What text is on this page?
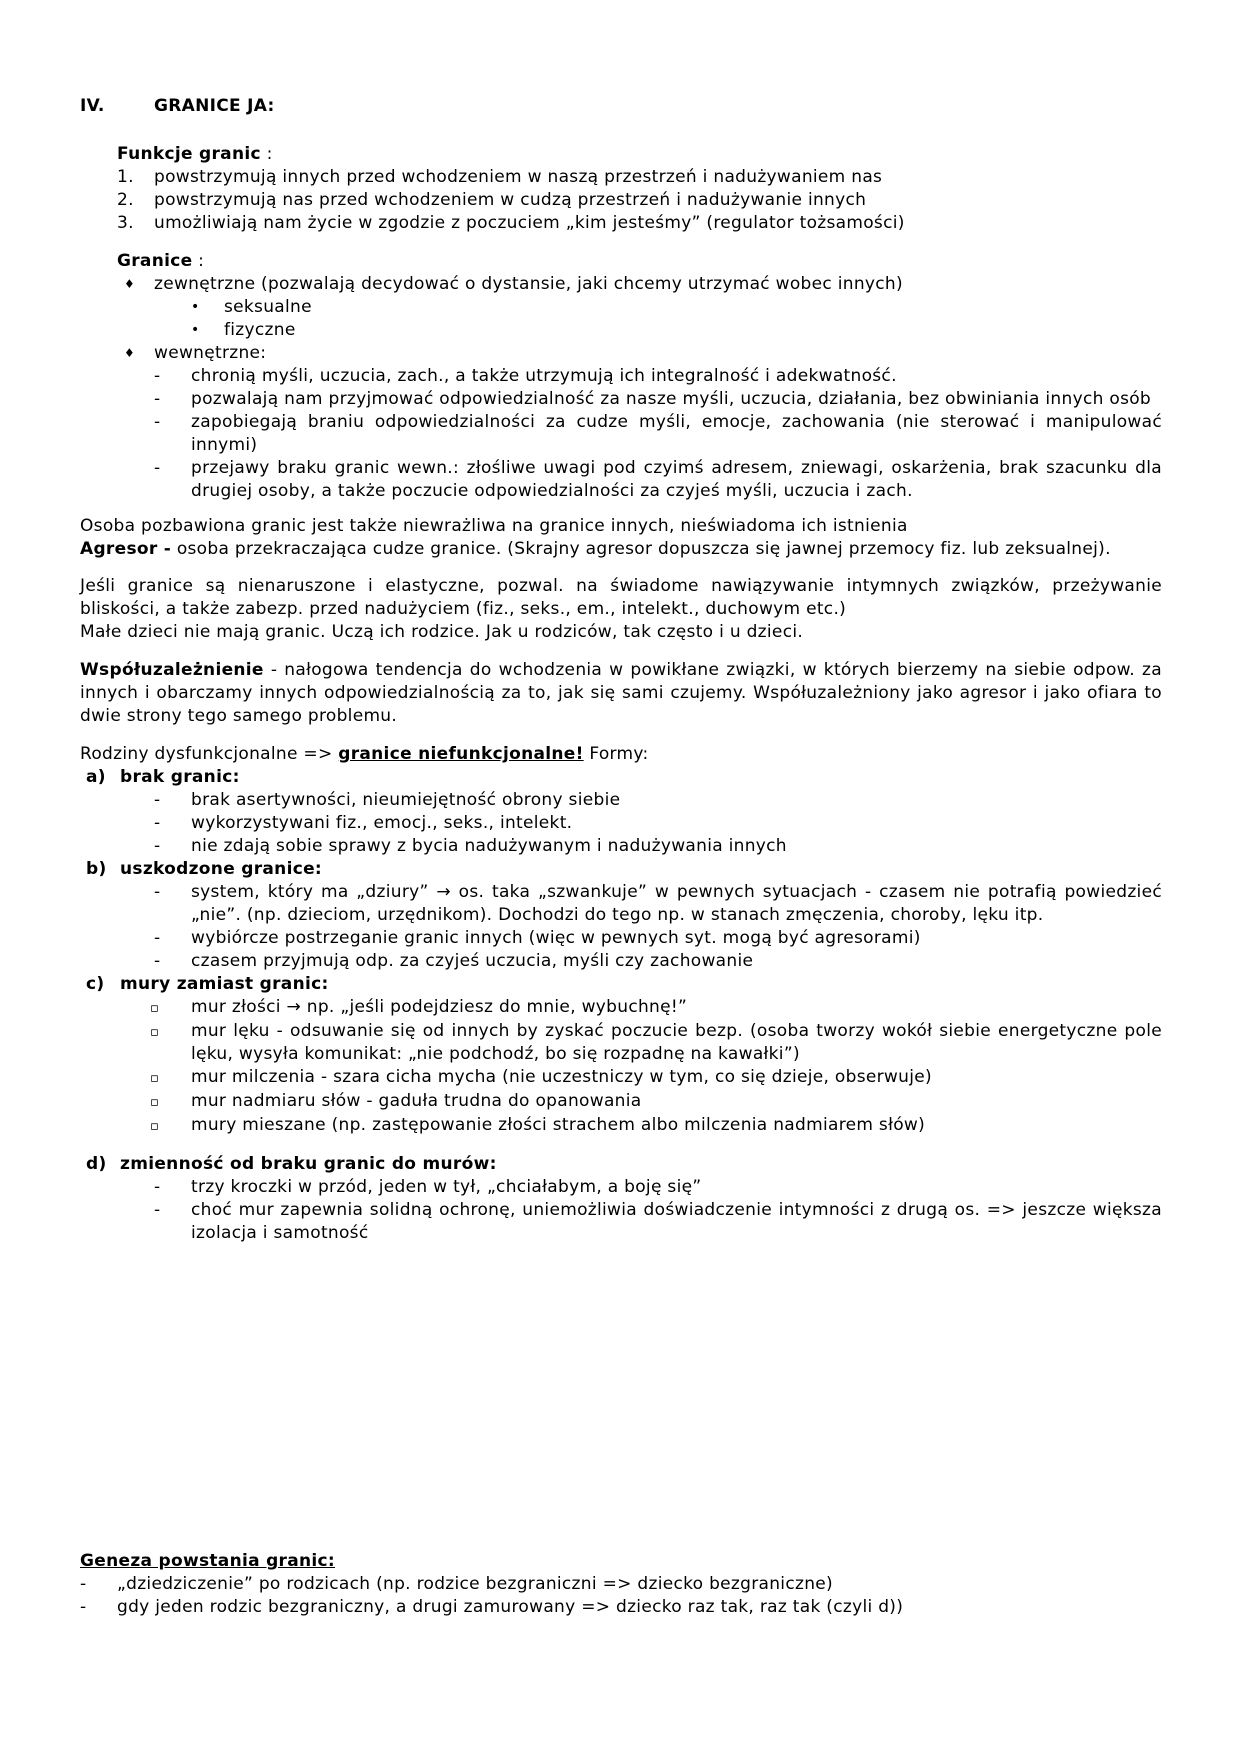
IV.	GRANICE JA:

Funkcje granic :

1.	powstrzymują innych przed wchodzeniem w naszą przestrzeń i nadużywaniem nas
2.	powstrzymują nas przed wchodzeniem w cudzą przestrzeń i nadużywanie innych
3.	umożliwiają nam życie w zgodzie z poczuciem „kim jesteśmy” (regulator tożsamości)

Granice :

♦	zewnętrzne (pozwalają decydować o dystansie, jaki chcemy utrzymać wobec innych)
•	seksualne
•	fizyczne
♦	wewnętrzne:
-	chronią myśli, uczucia, zach., a także utrzymują ich integralność i adekwatność.
-	pozwalają nam przyjmować odpowiedzialność za nasze myśli, uczucia, działania, bez obwiniania innych osób
-	zapobiegają braniu odpowiedzialności za cudze myśli, emocje, zachowania (nie sterować i manipulować innymi)
-	przejawy braku granic wewn.: złośliwe uwagi pod czyimś adresem, zniewagi, oskarżenia, brak szacunku dla drugiej osoby, a także poczucie odpowiedzialności za czyjeś myśli, uczucia i zach.

Osoba pozbawiona granic jest także niewrażliwa na granice innych, nieświadoma ich istnienia
Agresor - osoba przekraczająca cudze granice. (Skrajny agresor dopuszcza się jawnej przemocy fiz. lub zeksualnej).

Jeśli granice są nienaruszone i elastyczne, pozwal. na świadome nawiązywanie intymnych związków, przeżywanie bliskości, a także zabezp. przed nadużyciem (fiz., seks., em., intelekt., duchowym etc.)
Małe dzieci nie mają granic. Uczą ich rodzice. Jak u rodziców, tak często i u dzieci.

Współuzależnienie - nałogowa tendencja do wchodzenia w powikłane związki, w których bierzemy na siebie odpow. za innych i obarczamy innych odpowiedzialnością za to, jak się sami czujemy. Współuzależniony jako agresor i jako ofiara to dwie strony tego samego problemu.

Rodziny dysfunkcjonalne => granice niefunkcjonalne! Formy:

a) brak granic:
-	brak asertywności, nieumiejętność obrony siebie
-	wykorzystywani fiz., emocj., seks., intelekt.
-	nie zdają sobie sprawy z bycia nadużywanym i nadużywania innych
b) uszkodzone granice:
-	system, który ma „dziury” → os. taka „szwankuje” w pewnych sytuacjach - czasem nie potrafią powiedzieć „nie”. (np. dzieciom, urzędnikom). Dochodzi do tego np. w stanach zmęczenia, choroby, lęku itp.
-	wybiórcze postrzeganie granic innych (więc w pewnych syt. mogą być agresorami)
-	czasem przyjmują odp. za czyjeś uczucia, myśli czy zachowanie
c) mury zamiast granic:
▫	mur złości → np. „jeśli podejdziesz do mnie, wybuchnę!”
▫	mur lęku - odsuwanie się od innych by zyskać poczucie bezp. (osoba tworzy wokół siebie energetyczne pole lęku, wysyła komunikat: „nie podchodź, bo się rozpadnę na kawałki”)
▫	mur milczenia - szara cicha mycha (nie uczestniczy w tym, co się dzieje, obserwuje)
▫	mur nadmiaru słów - gaduła trudna do opanowania
▫	mury mieszane (np. zastępowanie złości strachem albo milczenia nadmiarem słów)
d) zmienność od braku granic do murów:
-	trzy kroczki w przód, jeden w tył, „chciałabym, a boję się”
-	choć mur zapewnia solidną ochronę, uniemożliwia doświadczenie intymności z drugą os. => jeszcze większa izolacja i samotność

Geneza powstania granic:

-	„dziedziczenie” po rodzicach (np. rodzice bezgraniczni => dziecko bezgraniczne)
-	gdy jeden rodzic bezgraniczny, a drugi zamurowany => dziecko raz tak, raz tak (czyli d))
